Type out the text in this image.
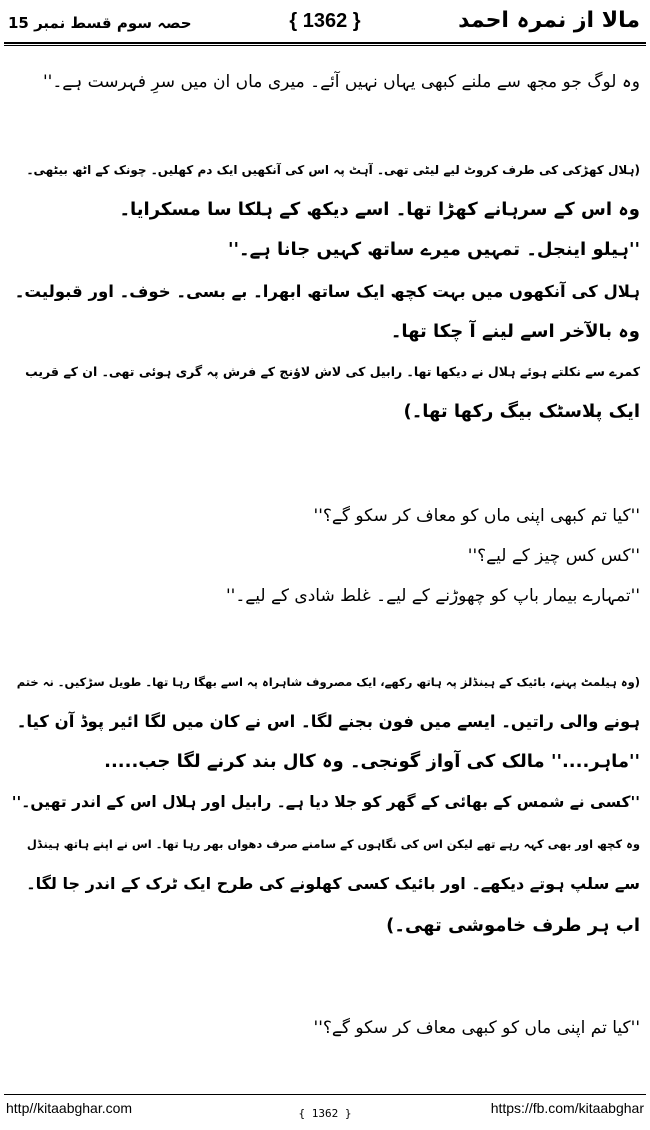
مالا از نمرہ احمد
{ 1362 }
حصہ سوم قسط نمبر 15
وہ لوگ جو مجھ سے ملنے کبھی یہاں نہیں آئے۔ میری ماں ان میں سرِ فہرست ہے۔''
(ہلال کھڑکی کی طرف کروٹ لیے لیٹی تھی۔ آہٹ پہ اس کی آنکھیں ایک دم کھلیں۔ چونک کے اٹھ بیٹھی۔
وہ اس کے سرہانے کھڑا تھا۔ اسے دیکھ کے ہلکا سا مسکرایا۔
''ہیلو اینجل۔ تمہیں میرے ساتھ کہیں جانا ہے۔''
ہلال کی آنکھوں میں بہت کچھ ایک ساتھ ابھرا۔ بے بسی۔ خوف۔ اور قبولیت۔
وہ بالآخر اسے لینے آ چکا تھا۔
کمرے سے نکلتے ہوئے ہلال نے دیکھا تھا۔ رابیل کی لاش لاؤنج کے فرش پہ گری ہوئی تھی۔ ان کے قریب
ایک پلاسٹک بیگ رکھا تھا۔)
''کیا تم کبھی اپنی ماں کو معاف کر سکو گے؟''
''کس کس چیز کے لیے؟''
''تمہارے بیمار باپ کو چھوڑنے کے لیے۔ غلط شادی کے لیے۔''
(وہ ہیلمٹ پہنے، بائیک کے ہینڈلز پہ ہاتھ رکھے، ایک مصروف شاہراہ پہ اسے بھگا رہا تھا۔ طویل سڑکیں۔ نہ ختم
ہونے والی راتیں۔ ایسے میں فون بجنے لگا۔ اس نے کان میں لگا ائیر پوڈ آن کیا۔
''ماہر....'' مالک کی آواز گونجی۔ وہ کال بند کرنے لگا جب.....
''کسی نے شمس کے بھائی کے گھر کو جلا دیا ہے۔ رابیل اور ہلال اس کے اندر تھیں۔''
وہ کچھ اور بھی کہہ رہے تھے لیکن اس کی نگاہوں کے سامنے صرف دھواں بھر رہا تھا۔ اس نے اپنے ہاتھ ہینڈل
سے سلپ ہوتے دیکھے۔ اور بائیک کسی کھلونے کی طرح ایک ٹرک کے اندر جا لگا۔
اب ہر طرف خاموشی تھی۔)
''کیا تم اپنی ماں کو کبھی معاف کر سکو گے؟''
http//kitaabghar.com	{ 1362 }	https://fb.com/kitaabghar
